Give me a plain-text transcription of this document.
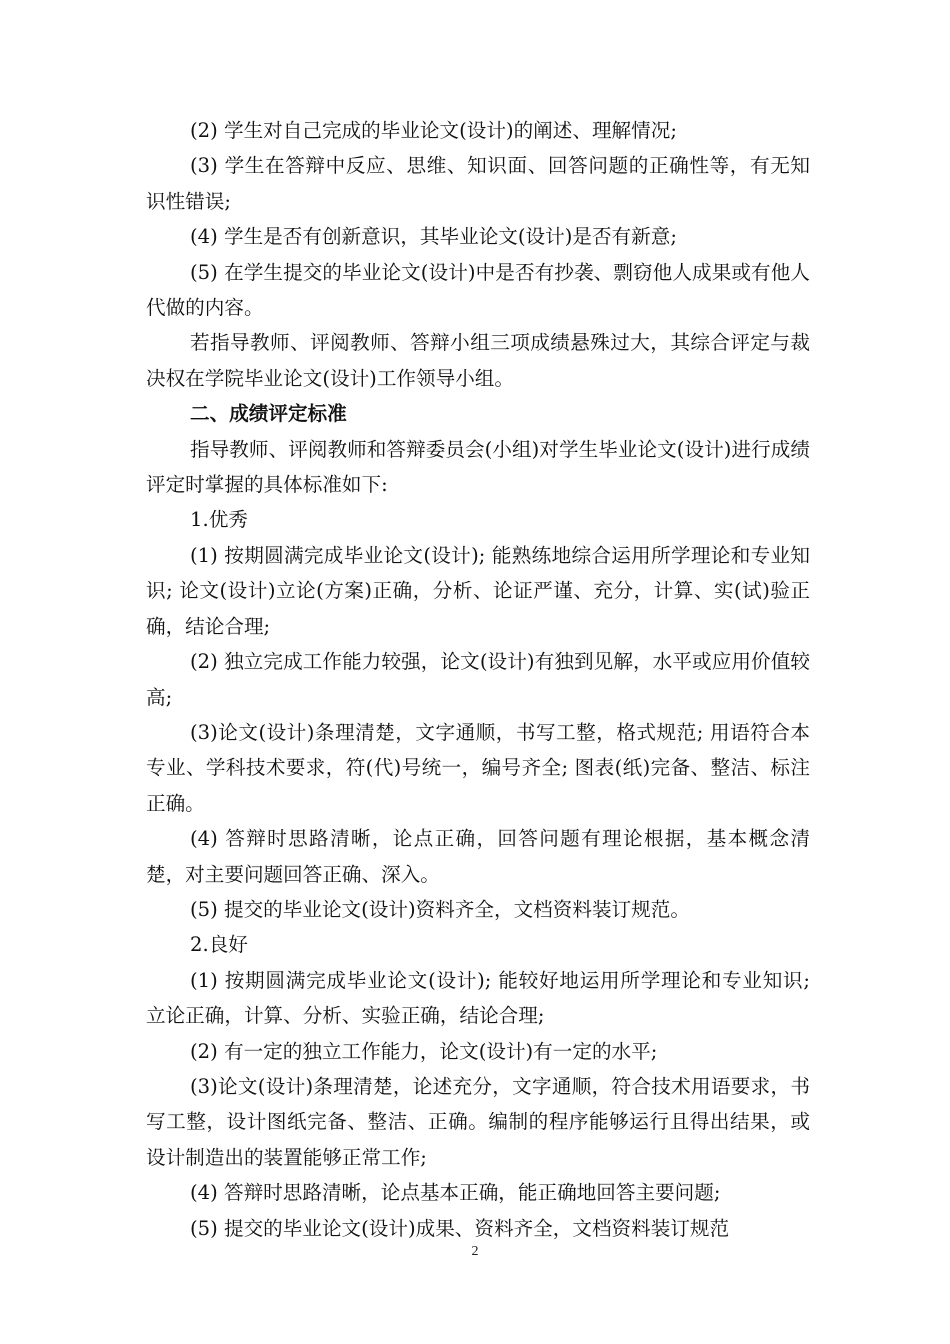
(2) 学生对自己完成的毕业论文(设计)的阐述、理解情况;

(3) 学生在答辩中反应、思维、知识面、回答问题的正确性等，有无知识性错误;

(4) 学生是否有创新意识，其毕业论文(设计)是否有新意;

(5) 在学生提交的毕业论文(设计)中是否有抄袭、剽窃他人成果或有他人代做的内容。

若指导教师、评阅教师、答辩小组三项成绩悬殊过大，其综合评定与裁决权在学院毕业论文(设计)工作领导小组。

二、成绩评定标准

指导教师、评阅教师和答辩委员会(小组)对学生毕业论文(设计)进行成绩评定时掌握的具体标准如下:

1.优秀

(1) 按期圆满完成毕业论文(设计); 能熟练地综合运用所学理论和专业知识; 论文(设计)立论(方案)正确，分析、论证严谨、充分，计算、实(试)验正确，结论合理;

(2) 独立完成工作能力较强，论文(设计)有独到见解，水平或应用价值较高;

(3)论文(设计)条理清楚，文字通顺，书写工整，格式规范; 用语符合本专业、学科技术要求，符(代)号统一，编号齐全; 图表(纸)完备、整洁、标注正确。

(4) 答辩时思路清晰，论点正确，回答问题有理论根据，基本概念清楚，对主要问题回答正确、深入。

(5) 提交的毕业论文(设计)资料齐全，文档资料装订规范。

2.良好

(1) 按期圆满完成毕业论文(设计); 能较好地运用所学理论和专业知识; 立论正确，计算、分析、实验正确，结论合理;

(2) 有一定的独立工作能力，论文(设计)有一定的水平;

(3)论文(设计)条理清楚，论述充分，文字通顺，符合技术用语要求，书写工整，设计图纸完备、整洁、正确。编制的程序能够运行且得出结果，或设计制造出的装置能够正常工作;

(4) 答辩时思路清晰，论点基本正确，能正确地回答主要问题;

(5) 提交的毕业论文(设计)成果、资料齐全，文档资料装订规范

2
